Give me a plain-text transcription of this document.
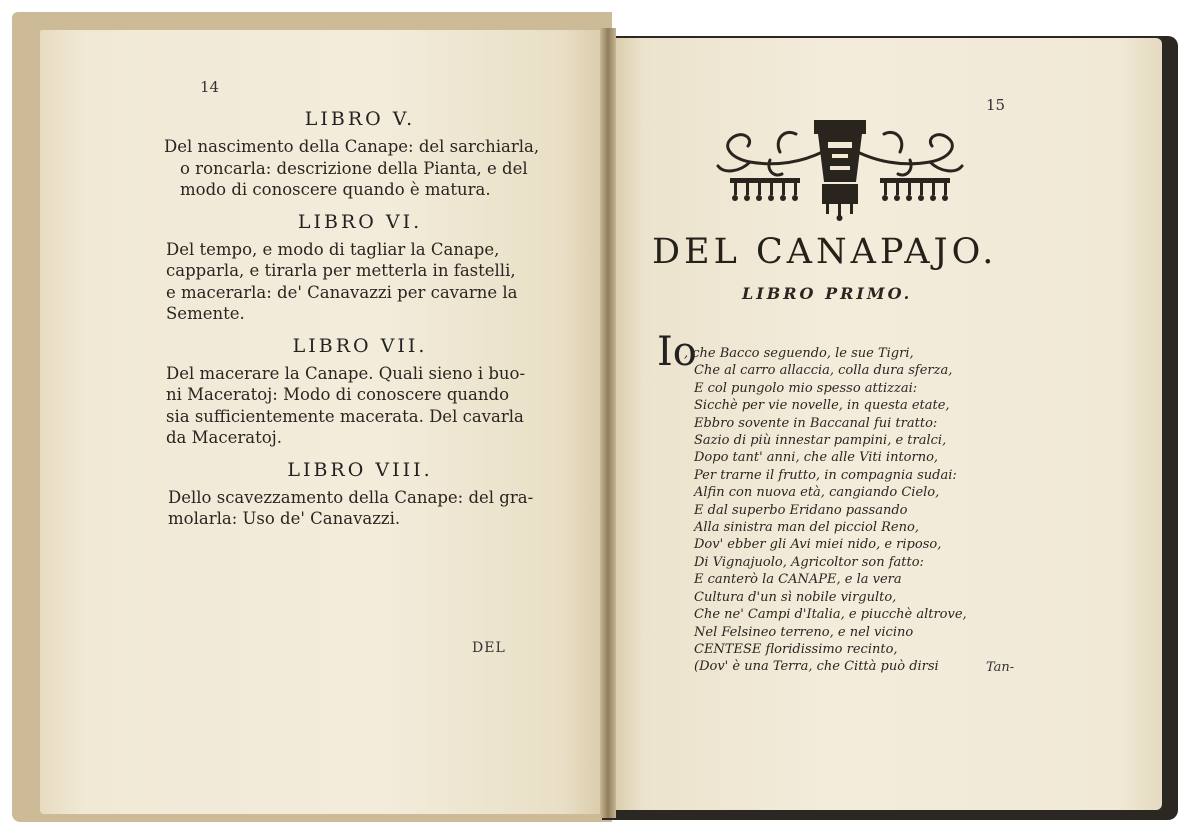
14

LIBRO V.

Del nascimento della Canape: del sarchiarla,
o roncarla: descrizione della Pianta, e del
modo di conoscere quando è matura.

LIBRO VI.

Del tempo, e modo di tagliar la Canape,
capparla, e tirarla per metterla in fastelli,
e macerarla: de' Canavazzi per cavarne la
Semente.

LIBRO VII.

Del macerare la Canape. Quali sieno i buo-
ni Maceratoj: Modo di conoscere quando
sia sufficientemente macerata. Del cavarla
da Maceratoj.

LIBRO VIII.

Dello scavezzamento della Canape: del gra-
molarla: Uso de' Canavazzi.

DEL
15
DEL CANAPAJO.
LIBRO PRIMO.
Io
, che Bacco seguendo, le sue Tigri,
Che al carro allaccia, colla dura sferza,
E col pungolo mio spesso attizzai:
Sicchè per vie novelle, in questa etate,
Ebbro sovente in Baccanal fui tratto:
Sazio di più innestar pampini, e tralci,
Dopo tant' anni, che alle Viti intorno,
Per trarne il frutto, in compagnia sudai:
Alfin con nuova età, cangiando Cielo,
E dal superbo Eridano passando
Alla sinistra man del picciol Reno,
Dov' ebber gli Avi miei nido, e riposo,
Di Vignajuolo, Agricoltor son fatto:
E canterò la CANAPE, e la vera
Cultura d'un sì nobile virgulto,
Che ne' Campi d'Italia, e piucchè altrove,
Nel Felsineo terreno, e nel vicino
CENTESE floridissimo recinto,
(Dov' è una Terra, che Città può dirsi	Tan-
